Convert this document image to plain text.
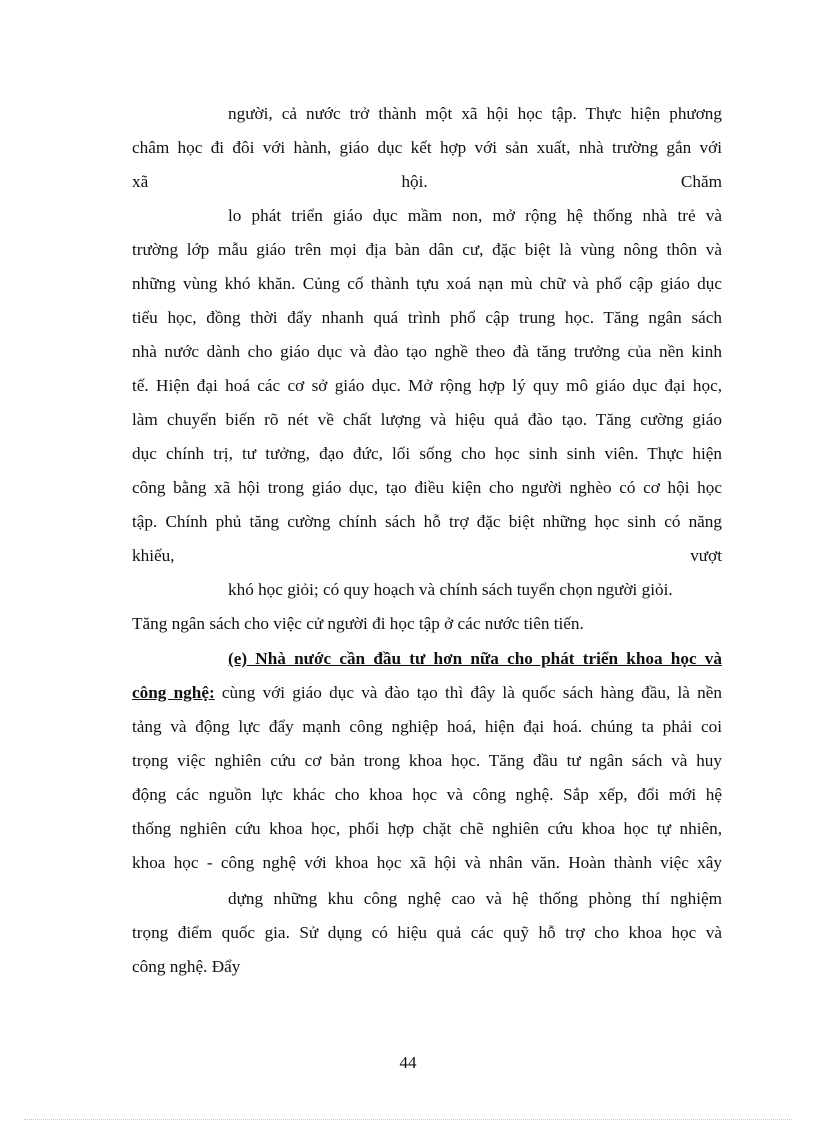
người, cả nước trở thành một xã hội học tập. Thực hiện phương
châm học đi đôi với hành, giáo dục kết hợp với sản xuất, nhà trường gắn với
xã hội. Chăm
lo phát triển giáo dục mầm non, mở rộng hệ thống nhà trẻ và
trường lớp mẫu giáo trên mọi địa bàn dân cư, đặc biệt là vùng nông thôn và
những vùng khó khăn. Củng cố thành tựu xoá nạn mù chữ và phổ cập giáo dục
tiểu học, đồng thời đẩy nhanh quá trình phổ cập trung học. Tăng ngân sách
nhà nước dành cho giáo dục và đào tạo nghề theo đà tăng trưởng của nền kinh
tế. Hiện đại hoá các cơ sở giáo dục. Mở rộng hợp lý quy mô giáo dục đại học,
làm chuyển biến rõ nét về chất lượng và hiệu quả đào tạo. Tăng cường giáo
dục chính trị, tư tưởng, đạo đức, lối sống cho học sinh sinh viên. Thực hiện
công bằng xã hội trong giáo dục, tạo điều kiện cho người nghèo có cơ hội học
tập. Chính phủ tăng cường chính sách hỗ trợ đặc biệt những học sinh có năng
khiếu, vượt
khó học giỏi; có quy hoạch và chính sách tuyển chọn người giỏi.
Tăng ngân sách cho việc cử người đi học tập ở các nước tiên tiến.
(e) Nhà nước cần đầu tư hơn nữa cho phát triển khoa học và
công nghệ: cùng với giáo dục và đào tạo thì đây là quốc sách hàng đầu, là nền
tảng và động lực đẩy mạnh công nghiệp hoá, hiện đại hoá. chúng ta phải coi
trọng việc nghiên cứu cơ bản trong khoa học. Tăng đầu tư ngân sách và huy
động các nguồn lực khác cho khoa học và công nghệ. Sắp xếp, đổi mới hệ
thống nghiên cứu khoa học, phối hợp chặt chẽ nghiên cứu khoa học tự nhiên,
khoa học - công nghệ với khoa học xã hội và nhân văn. Hoàn thành việc xây
dựng những khu công nghệ cao và hệ thống phòng thí nghiệm
trọng điểm quốc gia. Sử dụng có hiệu quả các quỹ hỗ trợ cho khoa học và
công nghệ. Đẩy
44
